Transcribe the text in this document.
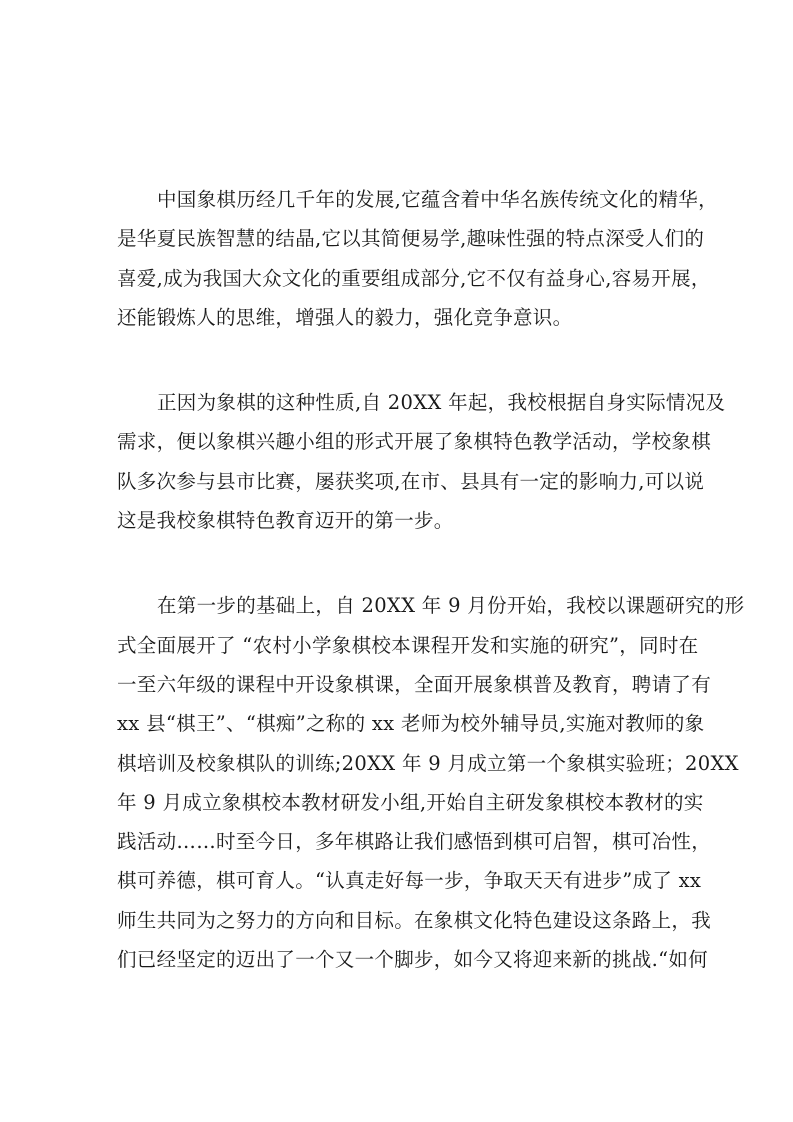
中国象棋历经几千年的发展,它蕴含着中华名族传统文化的精华，
是华夏民族智慧的结晶,它以其简便易学,趣味性强的特点深受人们的
喜爱,成为我国大众文化的重要组成部分,它不仅有益身心,容易开展，
还能锻炼人的思维，增强人的毅力，强化竞争意识。

正因为象棋的这种性质,自 20XX 年起，我校根据自身实际情况及
需求，便以象棋兴趣小组的形式开展了象棋特色教学活动，学校象棋
队多次参与县市比赛，屡获奖项,在市、县具有一定的影响力,可以说
这是我校象棋特色教育迈开的第一步。

在第一步的基础上，自 20XX 年 9 月份开始，我校以课题研究的形
式全面展开了 “农村小学象棋校本课程开发和实施的研究”，同时在
一至六年级的课程中开设象棋课，全面开展象棋普及教育，聘请了有
xx 县“棋王”、“棋痴”之称的 xx 老师为校外辅导员,实施对教师的象
棋培训及校象棋队的训练;20XX 年 9 月成立第一个象棋实验班；20XX
年 9 月成立象棋校本教材研发小组,开始自主研发象棋校本教材的实
践活动……时至今日，多年棋路让我们感悟到棋可启智，棋可冶性，
棋可养德，棋可育人。“认真走好每一步，争取天天有进步”成了 xx
师生共同为之努力的方向和目标。在象棋文化特色建设这条路上，我
们已经坚定的迈出了一个又一个脚步，如今又将迎来新的挑战.“如何
